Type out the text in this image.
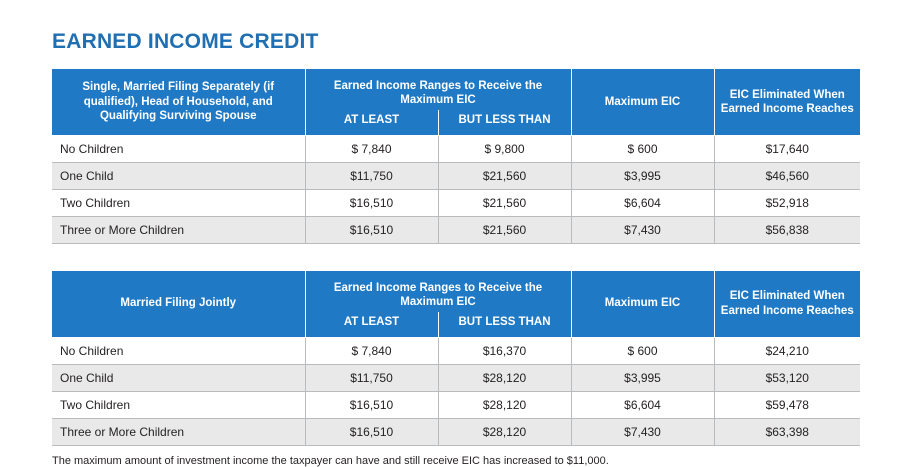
EARNED INCOME CREDIT
Single, Married Filing Separately (if qualified), Head of Household, and Qualifying Surviving Spouse	Earned Income Ranges to Receive the Maximum EIC		Maximum EIC	EIC Eliminated When Earned Income Reaches
	AT LEAST	BUT LESS THAN		
No Children	$ 7,840	$ 9,800	$ 600	$17,640
One Child	$11,750	$21,560	$3,995	$46,560
Two Children	$16,510	$21,560	$6,604	$52,918
Three or More Children	$16,510	$21,560	$7,430	$56,838
Married Filing Jointly	Earned Income Ranges to Receive the Maximum EIC		Maximum EIC	EIC Eliminated When Earned Income Reaches
	AT LEAST	BUT LESS THAN		
No Children	$ 7,840	$16,370	$ 600	$24,210
One Child	$11,750	$28,120	$3,995	$53,120
Two Children	$16,510	$28,120	$6,604	$59,478
Three or More Children	$16,510	$28,120	$7,430	$63,398
The maximum amount of investment income the taxpayer can have and still receive EIC has increased to $11,000.
